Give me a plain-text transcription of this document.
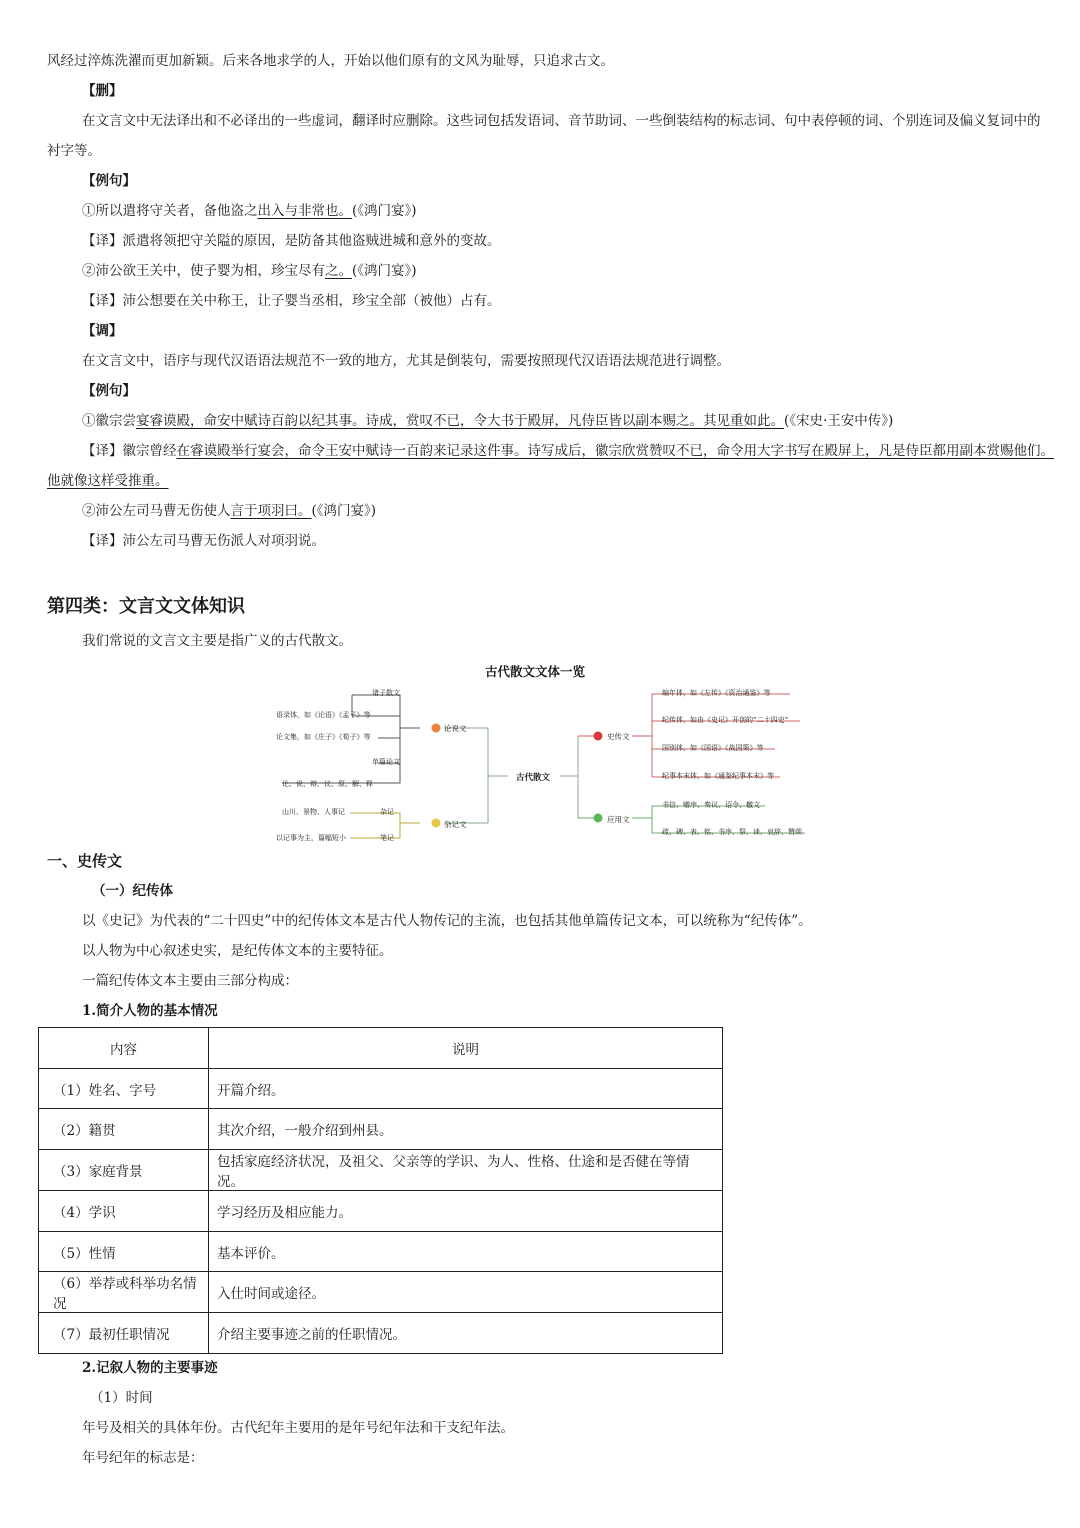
风经过淬炼洗濯而更加新颖。后来各地求学的人，开始以他们原有的文风为耻辱，只追求古文。
【删】
在文言文中无法译出和不必译出的一些虚词，翻译时应删除。这些词包括发语词、音节助词、一些倒装结构的标志词、句中表停顿的词、个别连词及偏义复词中的
衬字等。
【例句】
①所以遣将守关者，备他盗之出入与非常也。(《鸿门宴》)
【译】派遣将领把守关隘的原因，是防备其他盗贼进城和意外的变故。
②沛公欲王关中，使子婴为相，珍宝尽有之。(《鸿门宴》)
【译】沛公想要在关中称王，让子婴当丞相，珍宝全部（被他）占有。
【调】
在文言文中，语序与现代汉语语法规范不一致的地方，尤其是倒装句，需要按照现代汉语语法规范进行调整。
【例句】
①徽宗尝宴睿谟殿，命安中赋诗百韵以纪其事。诗成，赏叹不已，令大书于殿屏，凡侍臣皆以副本赐之。其见重如此。(《宋史·王安中传》)
【译】徽宗曾经在睿谟殿举行宴会，命令王安中赋诗一百韵来记录这件事。诗写成后，徽宗欣赏赞叹不已，命令用大字书写在殿屏上，凡是侍臣都用副本赏赐他们。
他就像这样受推重。
②沛公左司马曹无伤使人言于项羽曰。(《鸿门宴》)
【译】沛公左司马曹无伤派人对项羽说。
第四类：文言文文体知识
我们常说的文言文主要是指广义的古代散文。
古代散文文体一览
古代散文
论说文
杂记文
史传文
应用文
诸子散文
语录体，如《论语》《孟子》等
论文集，如《庄子》《荀子》等
单篇论文
论、说、辩、议、原、解、释
山川、景物、人事记	杂记
以记事为主，篇幅短小	笔记
编年体，如《左传》《资治通鉴》等
纪传体，如由《史记》开创的“二十四史”
国别体，如《国语》《战国策》等
纪事本末体，如《通鉴纪事本末》等
书信、赠序、奏议、诏令、檄文
疏、碑、表、铭、书序、祭、诔、哀辞、赞颂
一、史传文
（一）纪传体
以《史记》为代表的“二十四史”中的纪传体文本是古代人物传记的主流，也包括其他单篇传记文本，可以统称为“纪传体”。
以人物为中心叙述史实，是纪传体文本的主要特征。
一篇纪传体文本主要由三部分构成：
1.简介人物的基本情况
内容	说明
（1）姓名、字号	开篇介绍。
（2）籍贯	其次介绍，一般介绍到州县。
（3）家庭背景	包括家庭经济状况，及祖父、父亲等的学识、为人、性格、仕途和是否健在等情况。
（4）学识	学习经历及相应能力。
（5）性情	基本评价。
（6）举荐或科举功名情况	入仕时间或途径。
（7）最初任职情况	介绍主要事迹之前的任职情况。
2.记叙人物的主要事迹
（1）时间
年号及相关的具体年份。古代纪年主要用的是年号纪年法和干支纪年法。
年号纪年的标志是：
